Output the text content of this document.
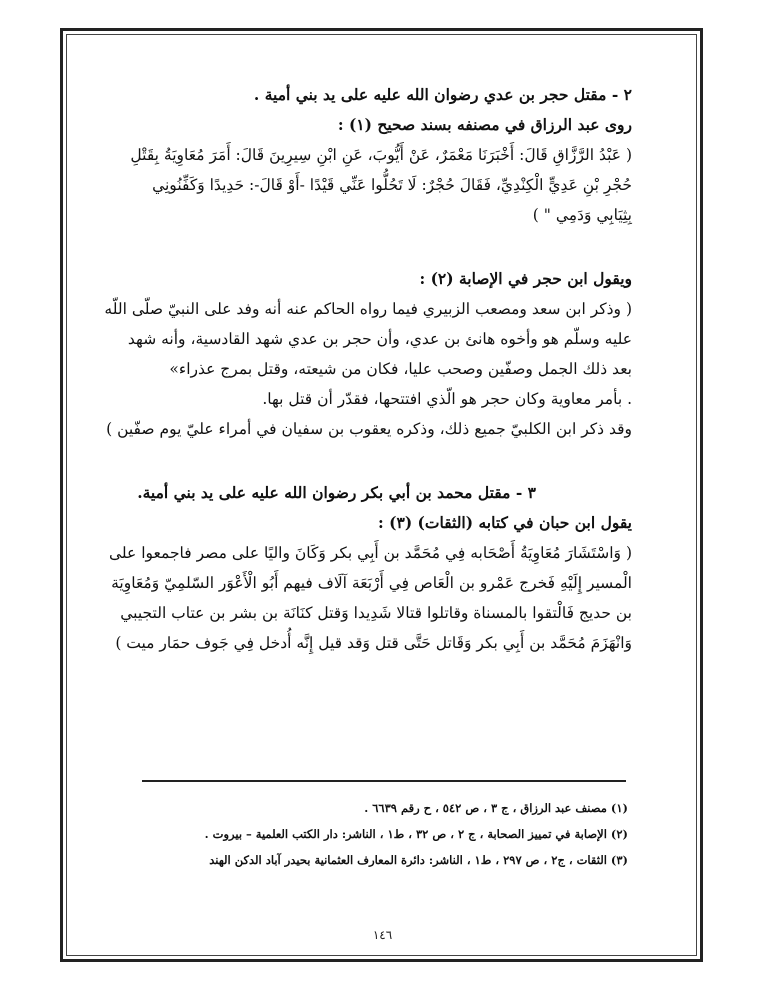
٢ - مقتل حجر بن عدي رضوان الله عليه على يد بني أمية .
روى عبد الرزاق في مصنفه بسند صحيح (١) :
( عَبْدُ الرَّزَّاقِ قَالَ: أَخْبَرَنَا مَعْمَرٌ، عَنْ أَيُّوبَ، عَنِ ابْنِ سِيرِينَ قَالَ: أَمَرَ مُعَاوِيَةُ بِقَتْلِ
حُجْرِ بْنِ عَدِيٍّ الْكِنْدِيِّ، فَقَالَ حُجْرٌ: لَا تَحُلُّوا عَنِّي قَيْدًا -أَوْ قَالَ-: حَدِيدًا وَكَفِّنُونِي
بِثِيَابِي وَدَمِي " )
ويقول ابن حجر في الإصابة (٢) :
( وذكر ابن سعد ومصعب الزبيري فيما رواه الحاكم عنه أنه وفد على النبيّ صلّى اللّه
عليه وسلّم هو وأخوه هانئ بن عدي، وأن حجر بن عدي شهد القادسية، وأنه شهد
بعد ذلك الجمل وصفّين وصحب عليا، فكان من شيعته، وقتل بمرج عذراء»
. بأمر معاوية وكان حجر هو الّذي افتتحها، فقدّر أن قتل بها.
وقد ذكر ابن الكلبيّ جميع ذلك، وذكره يعقوب بن سفيان في أمراء عليّ يوم صفّين )
٣ - مقتل محمد بن أبي بكر رضوان الله عليه على يد بني أمية.
يقول ابن حبان في كتابه (الثقات) (٣) :
( وَاسْتَشَارَ مُعَاوِيَةُ أَصْحَابه فِي مُحَمَّد بن أَبِي بكر وَكَانَ واليًا على مصر فاجمعوا على
الْمسير إِلَيْهِ فَخرج عَمْرو بن الْعَاص فِي أَرْبَعَة آلَاف فيهم أَبُو الْأَعْوَر السّلمِيّ وَمُعَاوِيَة
بن حديج فَالْتقوا بالمسناة وقاتلوا قتالا شَدِيدا وَقتل كنَانَة بن بشر بن عتاب التجيبي
وَانْهَزَمَ مُحَمَّد بن أَبِي بكر وَقَاتل حَتَّى قتل وَقد قيل إِنَّه أُدخل فِي جَوف حمَار ميت )
(١) مصنف عبد الرزاق ، ج ٣ ، ص ٥٤٢ ، ح رقم ٦٦٣٩ .
(٢) الإصابة في تمييز الصحابة ، ج ٢ ، ص ٣٢ ، ط١ ، الناشر: دار الكتب العلمية – بيروت .
(٣) الثقات ، ج٢ ، ص ٢٩٧ ، ط١ ، الناشر: دائرة المعارف العثمانية بحيدر آباد الدكن الهند
١٤٦
